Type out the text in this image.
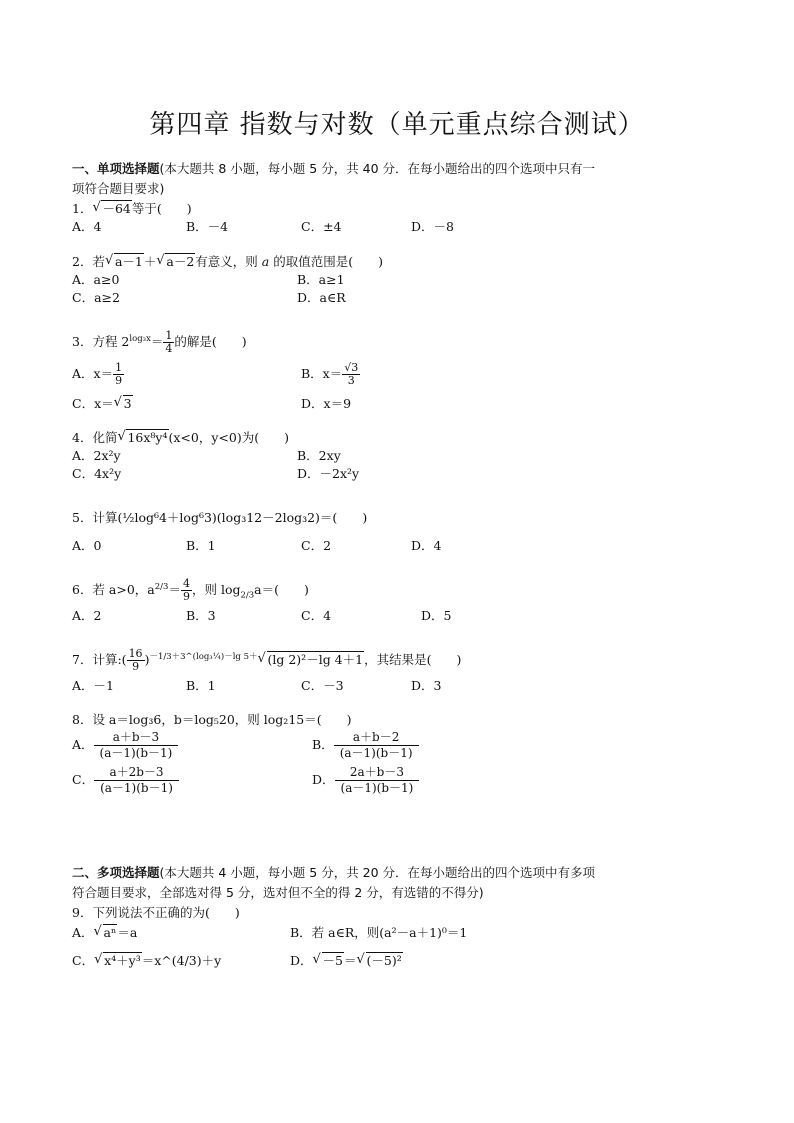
第四章 指数与对数（单元重点综合测试）
一、单项选择题(本大题共 8 小题，每小题 5 分，共 40 分．在每小题给出的四个选项中只有一
项符合题目要求)
1．√ －64等于(　　)
A．4	B．－4	C．±4	D．－8
2．若√ a－1＋√ a－2有意义，则 a 的取值范围是(　　)
A．a≥0	B．a≥1
C．a≥2	D．a∈R
3．方程 $2^{log_3x}= \frac{1}{4}$ 的解是(　　)
A．$x= \frac{1}{9}$	B．$x= \frac{√3}{3}$
C．x＝√ 3	D．x＝9
4．化简√ 16x⁸y⁴(x<0，y<0)为(　　)
A．2x²y	B．2xy
C．4x²y	D．－2x²y
5．计算(½log⁶4＋log⁶3)(log₃12－2log₃2)＝(　　)
A．0	B．1	C．2	D．4
6．若 a>0，$a^{2/3}= \frac{4}{9}$ ，则 $\log_{2/3}a=$(　　)
A．2	B．3	C．4	D．5
7．计算:( $\frac{16}{9} )^{-1/3+3\^{}(log_3\frac{1}{4})-lg 5+}√$ (lg 2)²－lg 4＋1，其结果是(　　)
A．－1	B．1	C．－3	D．3
8．设 a＝log₃6，b＝log₅20，则 log₂15＝(　　)
A． $\frac{a+b-3}{(a-1)(b-1)}$	B． $\frac{a+b-2}{(a-1)(b-1)}$
C． $\frac{a+2b-3}{(a-1)(b-1)}$	D． $\frac{2a+b-3}{(a-1)(b-1)}$
二、多项选择题(本大题共 4 小题，每小题 5 分，共 20 分．在每小题给出的四个选项中有多项
符合题目要求，全部选对得 5 分，选对但不全的得 2 分，有选错的不得分)
9．下列说法不正确的为(　　)
A．√ aⁿ＝a	B．若 a∈R，则(a²－a＋1)⁰＝1
C．√ x⁴＋y³＝x^(4/3)＋y	D．√ －5＝√ (－5)²
